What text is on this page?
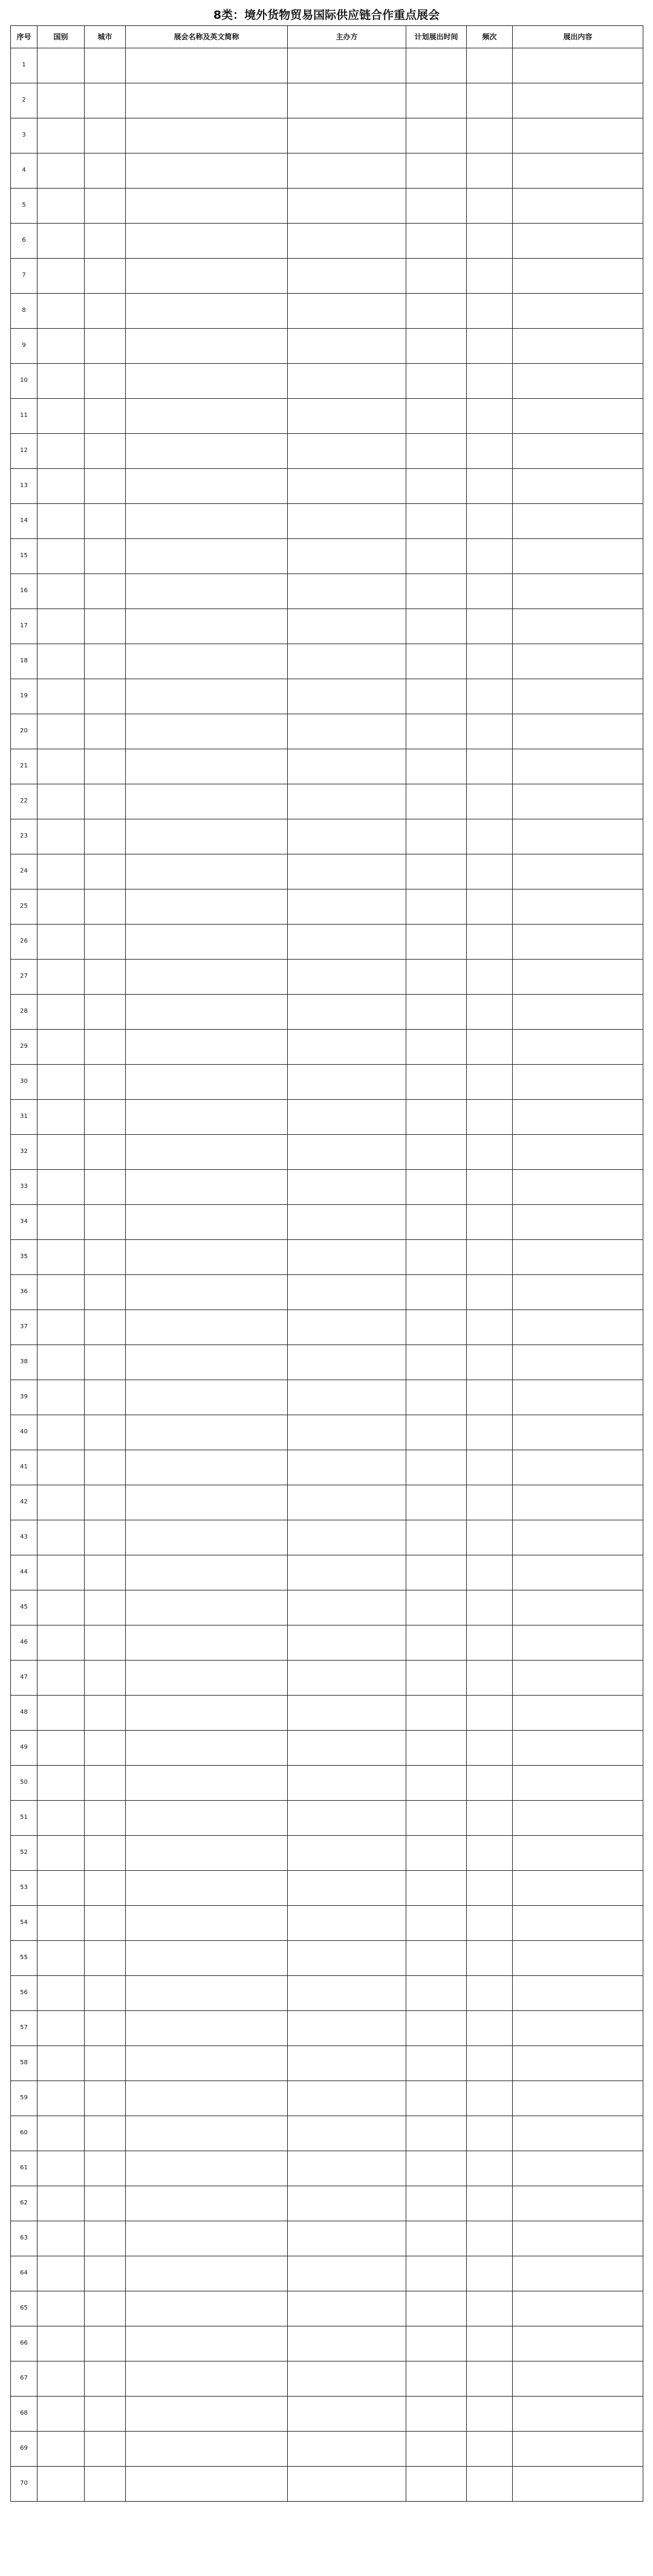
8类：境外货物贸易国际供应链合作重点展会
序号	国别	城市	展会名称及英文简称	主办方	计划展出时间	频次	展出内容
1							
2							
3							
4							
5							
6							
7							
8							
9							
10							
11							
12							
13							
14							
15							
16							
17							
18							
19							
20							
21							
22							
23							
24							
25							
26							
27							
28							
29							
30							
31							
32							
33							
34							
35							
36							
37							
38							
39							
40							
41							
42							
43							
44							
45							
46							
47							
48							
49							
50							
51							
52							
53							
54							
55							
56							
57							
58							
59							
60							
61							
62							
63							
64							
65							
66							
67							
68							
69							
70							
